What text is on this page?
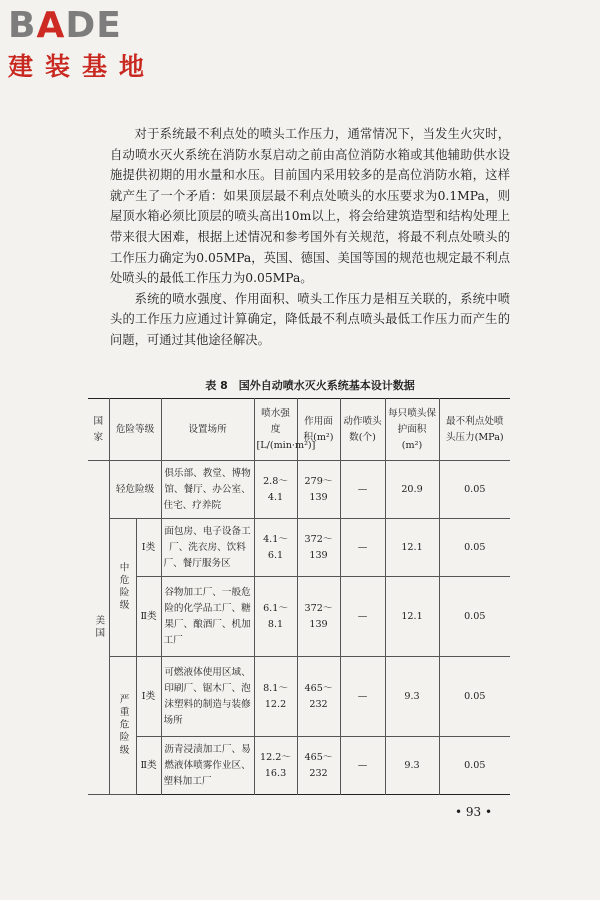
BADE
建装基地

对于系统最不利点处的喷头工作压力，通常情况下，当发生火灾时，自动喷水灭火系统在消防水泵启动之前由高位消防水箱或其他辅助供水设施提供初期的用水量和水压。目前国内采用较多的是高位消防水箱，这样就产生了一个矛盾：如果顶层最不利点处喷头的水压要求为0.1MPa，则屋顶水箱必须比顶层的喷头高出10m以上，将会给建筑造型和结构处理上带来很大困难，根据上述情况和参考国外有关规范，将最不利点处喷头的工作压力确定为0.05MPa，英国、德国、美国等国的规范也规定最不利点处喷头的最低工作压力为0.05MPa。

系统的喷水强度、作用面积、喷头工作压力是相互关联的，系统中喷头的工作压力应通过计算确定，降低最不利点喷头最低工作压力而产生的问题，可通过其他途径解决。

表 8　国外自动喷水灭火系统基本设计数据
国家	危险等级		设置场所	喷水强度[L/(min·m²)]	作用面积(m²)	动作喷头数(个)	每只喷头保护面积(m²)	最不利点处喷头压力(MPa)
美国	轻危险级		俱乐部、教堂、博物馆、餐厅、办公室、住宅、疗养院	2.8～4.1	279～139	—	20.9	0.05
	中危险级	Ⅰ类	面包房、电子设备工厂、洗衣房、饮料厂、餐厅服务区	4.1～6.1	372～139	—	12.1	0.05
		Ⅱ类	谷物加工厂、一般危险的化学品工厂、糖果厂、酿酒厂、机加工厂	6.1～8.1	372～139	—	12.1	0.05
	严重危险级	Ⅰ类	可燃液体使用区域、印刷厂、锯木厂、泡沫塑料的制造与装修场所	8.1～12.2	465～232	—	9.3	0.05
		Ⅱ类	沥青浸渍加工厂、易燃液体喷雾作业区、塑料加工厂	12.2～16.3	465～232	—	9.3	0.05
• 93 •
